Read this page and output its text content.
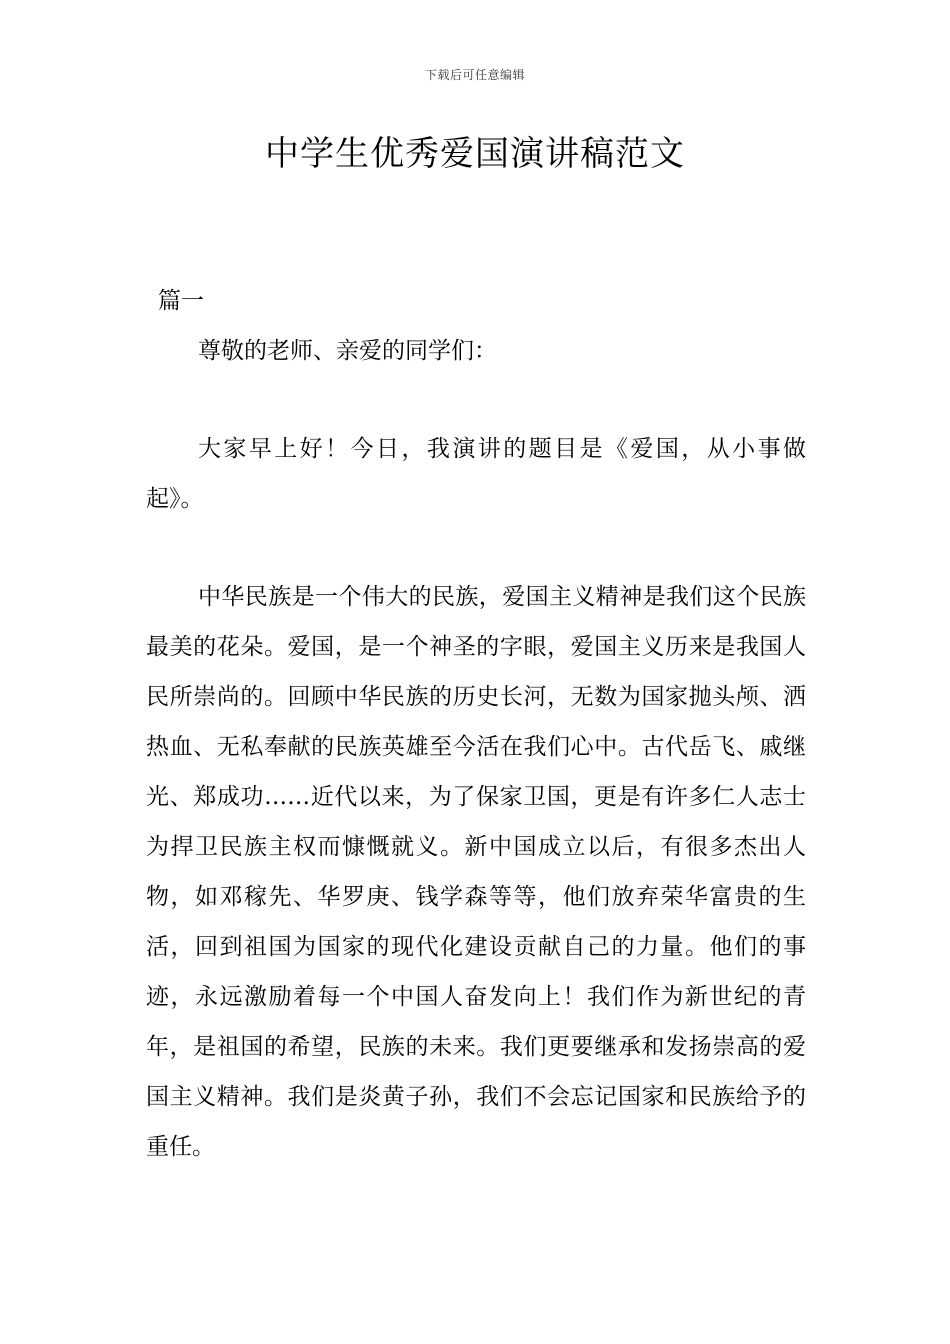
下载后可任意编辑
中学生优秀爱国演讲稿范文

篇一

尊敬的老师、亲爱的同学们：

大家早上好！今日，我演讲的题目是《爱国，从小事做起》。

中华民族是一个伟大的民族，爱国主义精神是我们这个民族最美的花朵。爱国，是一个神圣的字眼，爱国主义历来是我国人民所崇尚的。回顾中华民族的历史长河，无数为国家抛头颅、洒热血、无私奉献的民族英雄至今活在我们心中。古代岳飞、戚继光、郑成功……近代以来，为了保家卫国，更是有许多仁人志士为捍卫民族主权而慷慨就义。新中国成立以后，有很多杰出人物，如邓稼先、华罗庚、钱学森等等，他们放弃荣华富贵的生活，回到祖国为国家的现代化建设贡献自己的力量。他们的事迹，永远激励着每一个中国人奋发向上！我们作为新世纪的青年，是祖国的希望，民族的未来。我们更要继承和发扬崇高的爱国主义精神。我们是炎黄子孙，我们不会忘记国家和民族给予的重任。
